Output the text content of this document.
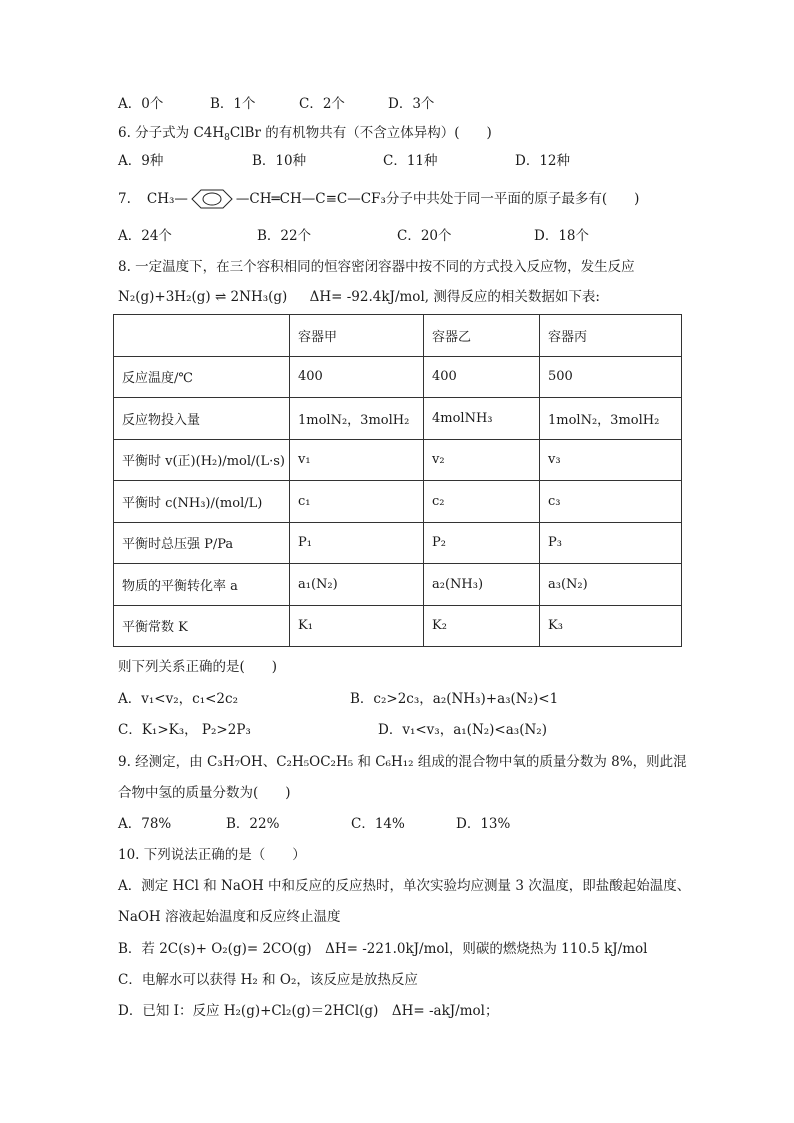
A．0个	B．1个	C．2个	D．3个
6. 分子式为 $C4H_8ClBr$ 的有机物共有（不含立体异构）(　　)
A．9种	B．10种	C．11种	D．12种
7. CH₃—	—CH═CH—C≡C—CF₃ 分子中共处于同一平面的原子最多有(　　)
A．24个	B．22个	C．20个	D．18个
8. 一定温度下，在三个容积相同的恒容密闭容器中按不同的方式投入反应物，发生反应
N₂(g)+3H₂(g) ⇌ 2NH₃(g) ΔH= -92.4kJ/mol, 测得反应的相关数据如下表:
	容器甲	容器乙	容器丙
反应温度/℃	400	400	500
反应物投入量	1molN₂，3molH₂	4molNH₃	1molN₂，3molH₂
平衡时 v(正)(H₂)/mol/(L·s)	v₁	v₂	v₃
平衡时 c(NH₃)/(mol/L)	c₁	c₂	c₃
平衡时总压强 P/Pa	P₁	P₂	P₃
物质的平衡转化率 a	a₁(N₂)	a₂(NH₃)	a₃(N₂)
平衡常数 K	K₁	K₂	K₃
则下列关系正确的是(　　)
A．v₁<v₂，c₁<2c₂	B．c₂>2c₃，a₂(NH₃)+a₃(N₂)<1
C．K₁>K₃， P₂>2P₃	D．v₁<v₃，a₁(N₂)<a₃(N₂)
9. 经测定，由 C₃H₇OH、C₂H₅OC₂H₅ 和 C₆H₁₂ 组成的混合物中氧的质量分数为 8%，则此混
合物中氢的质量分数为(　　)
A．78%	B．22%	C．14%	D．13%
10. 下列说法正确的是（　　）
A．测定 HCl 和 NaOH 中和反应的反应热时，单次实验均应测量 3 次温度，即盐酸起始温度、
NaOH 溶液起始温度和反应终止温度
B．若 2C(s)+ O₂(g)= 2CO(g)　ΔH= -221.0kJ/mol，则碳的燃烧热为 110.5 kJ/mol
C．电解水可以获得 H₂ 和 O₂，该反应是放热反应
D．已知 I：反应 H₂(g)+Cl₂(g)＝2HCl(g)　ΔH= -akJ/mol；
